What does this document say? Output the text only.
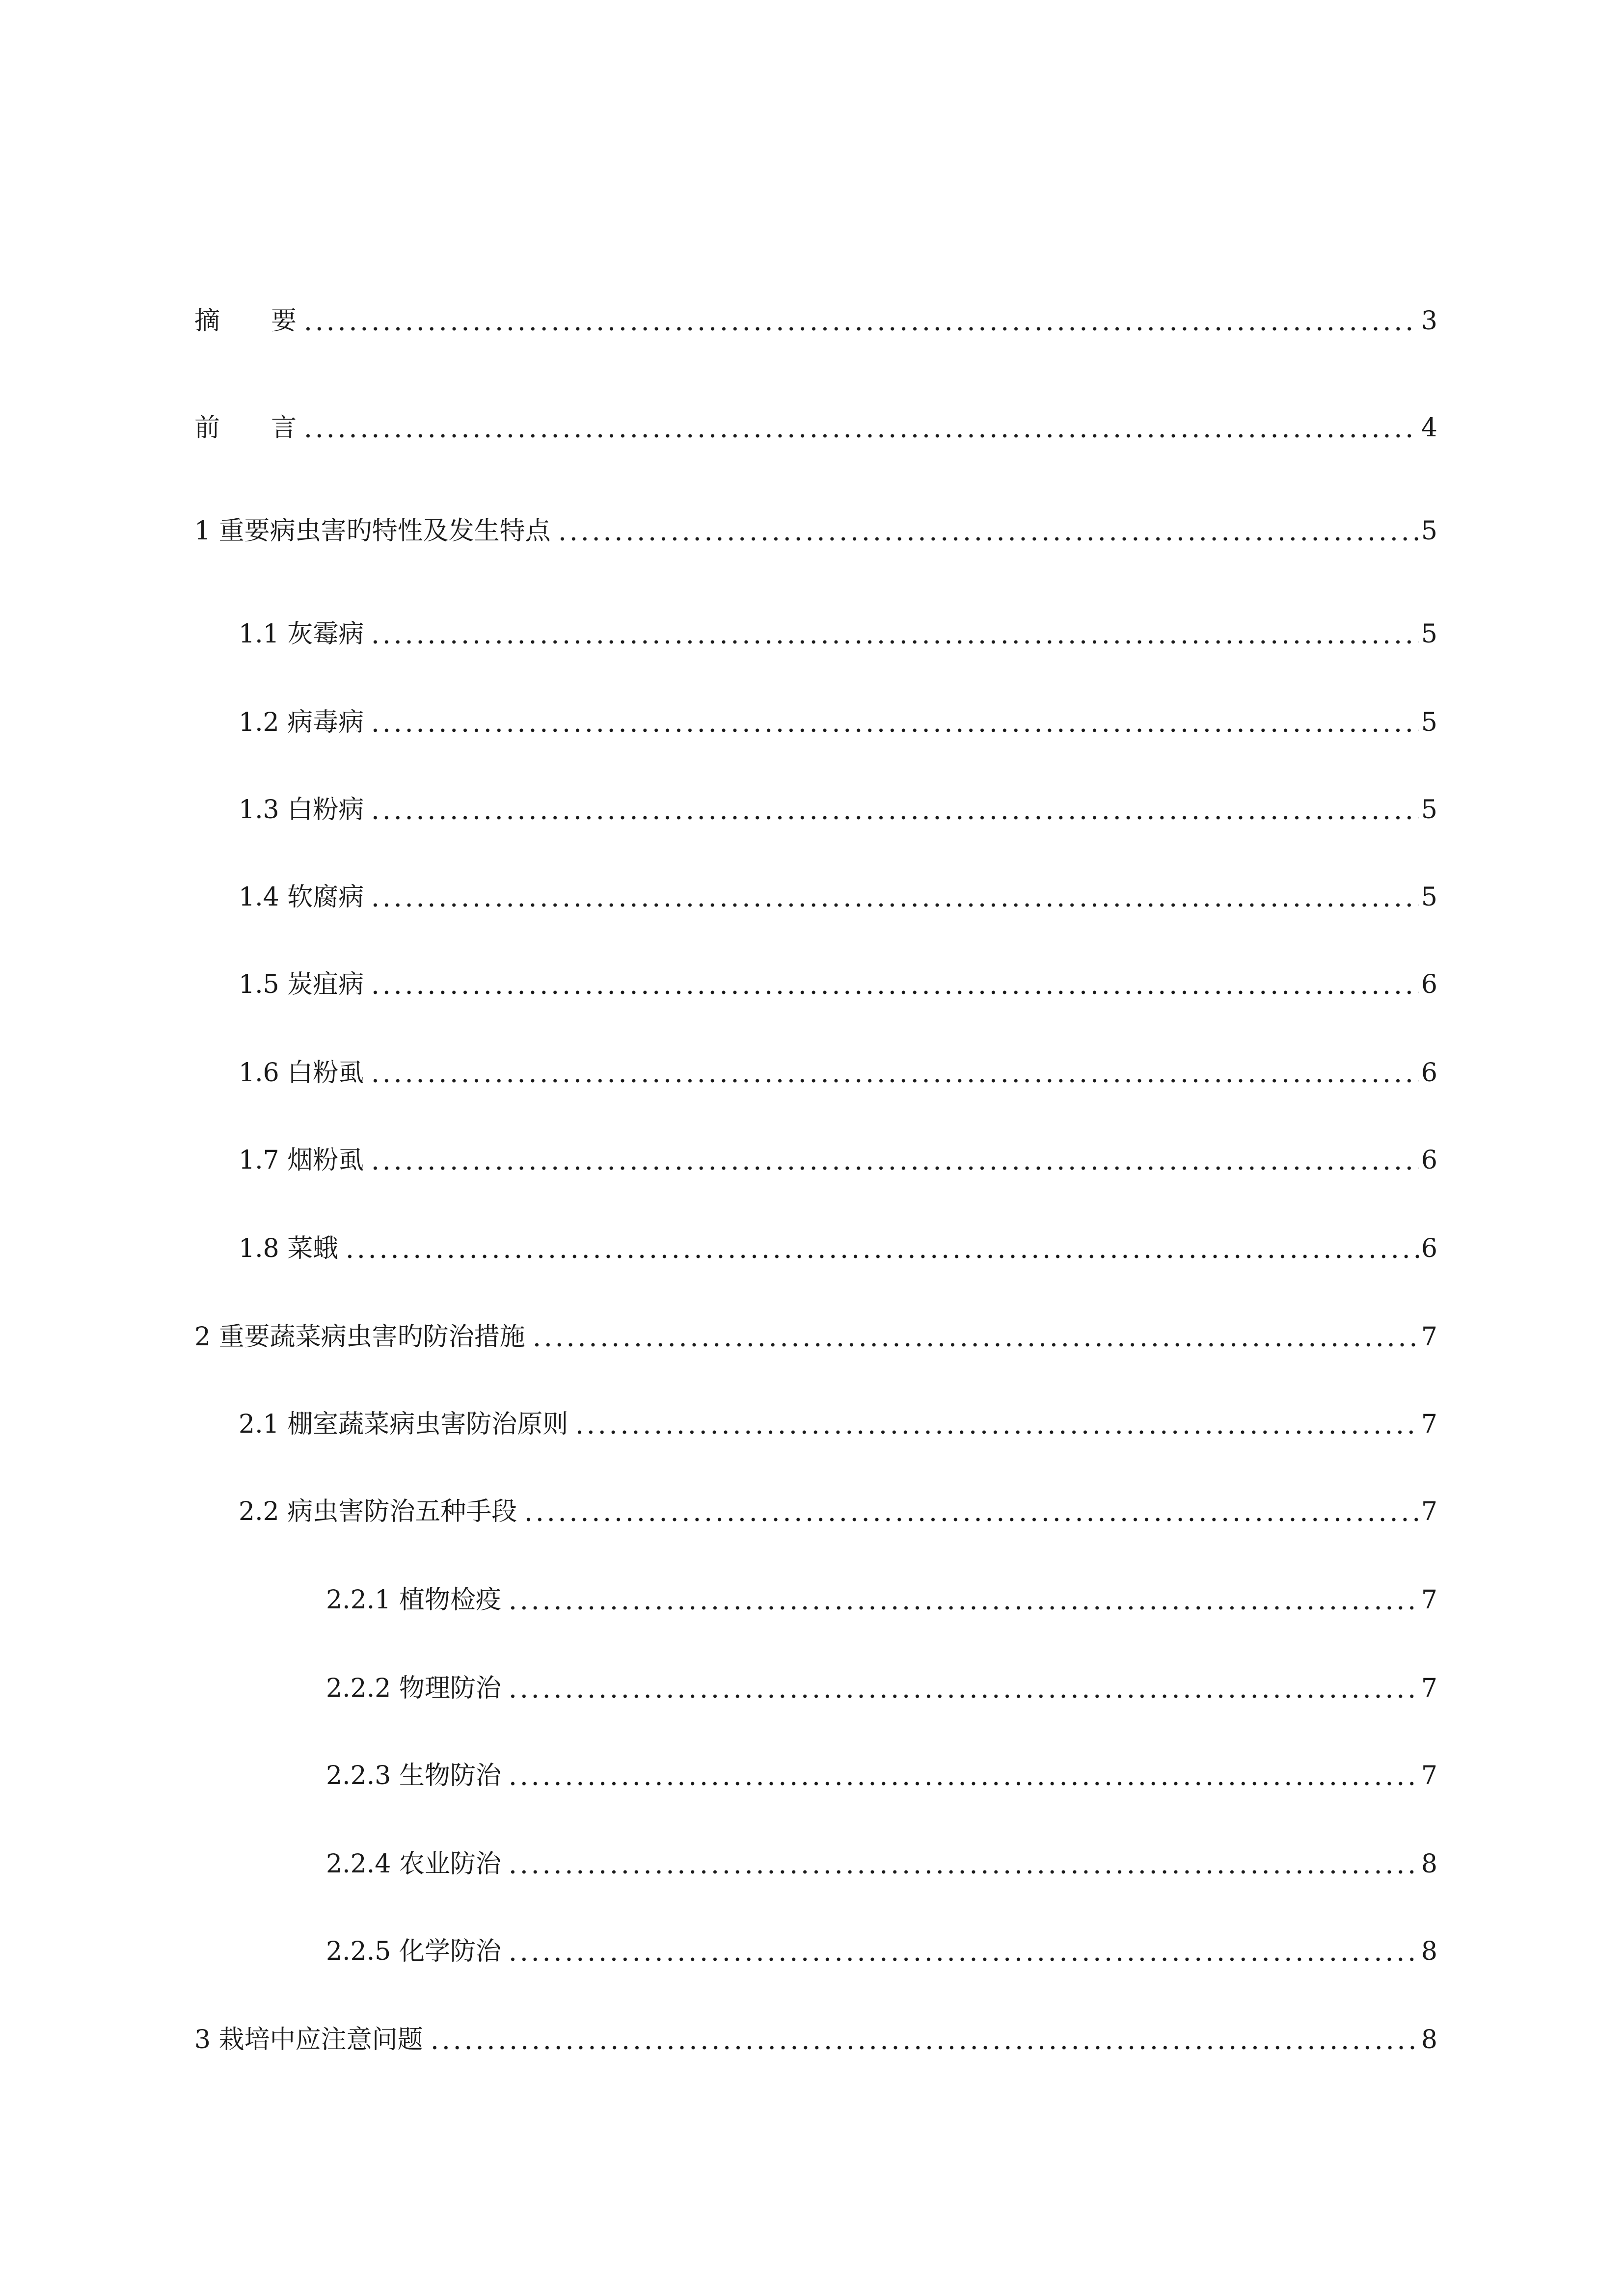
摘　　要	3
前　　言	4
1 重要病虫害旳特性及发生特点	5
1.1 灰霉病	5
1.2 病毒病	5
1.3 白粉病	5
1.4 软腐病	5
1.5 炭疽病	6
1.6 白粉虱	6
1.7 烟粉虱	6
1.8 菜蛾	6
2 重要蔬菜病虫害旳防治措施	7
2.1 棚室蔬菜病虫害防治原则	7
2.2 病虫害防治五种手段	7
2.2.1 植物检疫	7
2.2.2 物理防治	7
2.2.3 生物防治	7
2.2.4 农业防治	8
2.2.5 化学防治	8
3 栽培中应注意问题	8
